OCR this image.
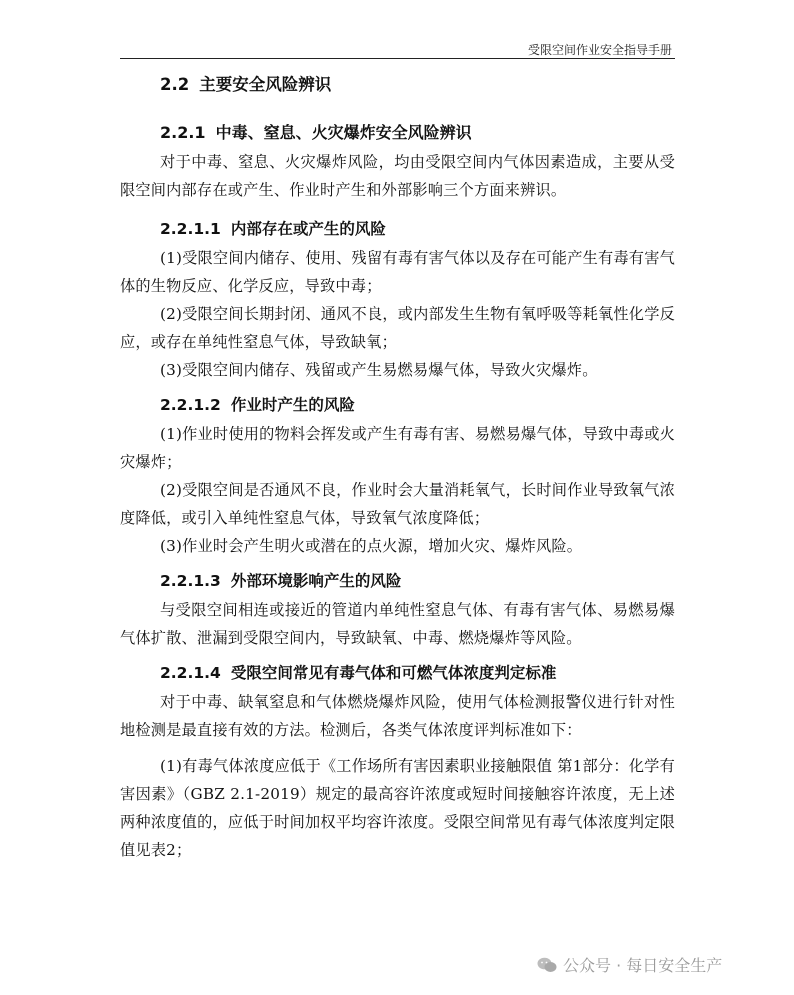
受限空间作业安全指导手册
2.2 主要安全风险辨识
2.2.1 中毒、窒息、火灾爆炸安全风险辨识

对于中毒、窒息、火灾爆炸风险，均由受限空间内气体因素造成，主要从受限空间内部存在或产生、作业时产生和外部影响三个方面来辨识。

2.2.1.1 内部存在或产生的风险

(1)受限空间内储存、使用、残留有毒有害气体以及存在可能产生有毒有害气体的生物反应、化学反应，导致中毒；

(2)受限空间长期封闭、通风不良，或内部发生生物有氧呼吸等耗氧性化学反应，或存在单纯性窒息气体，导致缺氧；

(3)受限空间内储存、残留或产生易燃易爆气体，导致火灾爆炸。

2.2.1.2 作业时产生的风险

(1)作业时使用的物料会挥发或产生有毒有害、易燃易爆气体，导致中毒或火灾爆炸；

(2)受限空间是否通风不良，作业时会大量消耗氧气，长时间作业导致氧气浓度降低，或引入单纯性窒息气体，导致氧气浓度降低；

(3)作业时会产生明火或潜在的点火源，增加火灾、爆炸风险。

2.2.1.3 外部环境影响产生的风险

与受限空间相连或接近的管道内单纯性窒息气体、有毒有害气体、易燃易爆气体扩散、泄漏到受限空间内，导致缺氧、中毒、燃烧爆炸等风险。

2.2.1.4 受限空间常见有毒气体和可燃气体浓度判定标准

对于中毒、缺氧窒息和气体燃烧爆炸风险，使用气体检测报警仪进行针对性地检测是最直接有效的方法。检测后，各类气体浓度评判标准如下：

(1)有毒气体浓度应低于《工作场所有害因素职业接触限值 第1部分：化学有害因素》（GBZ 2.1-2019）规定的最高容许浓度或短时间接触容许浓度，无上述两种浓度值的，应低于时间加权平均容许浓度。受限空间常见有毒气体浓度判定限值见表2；

公众号 · 每日安全生产
